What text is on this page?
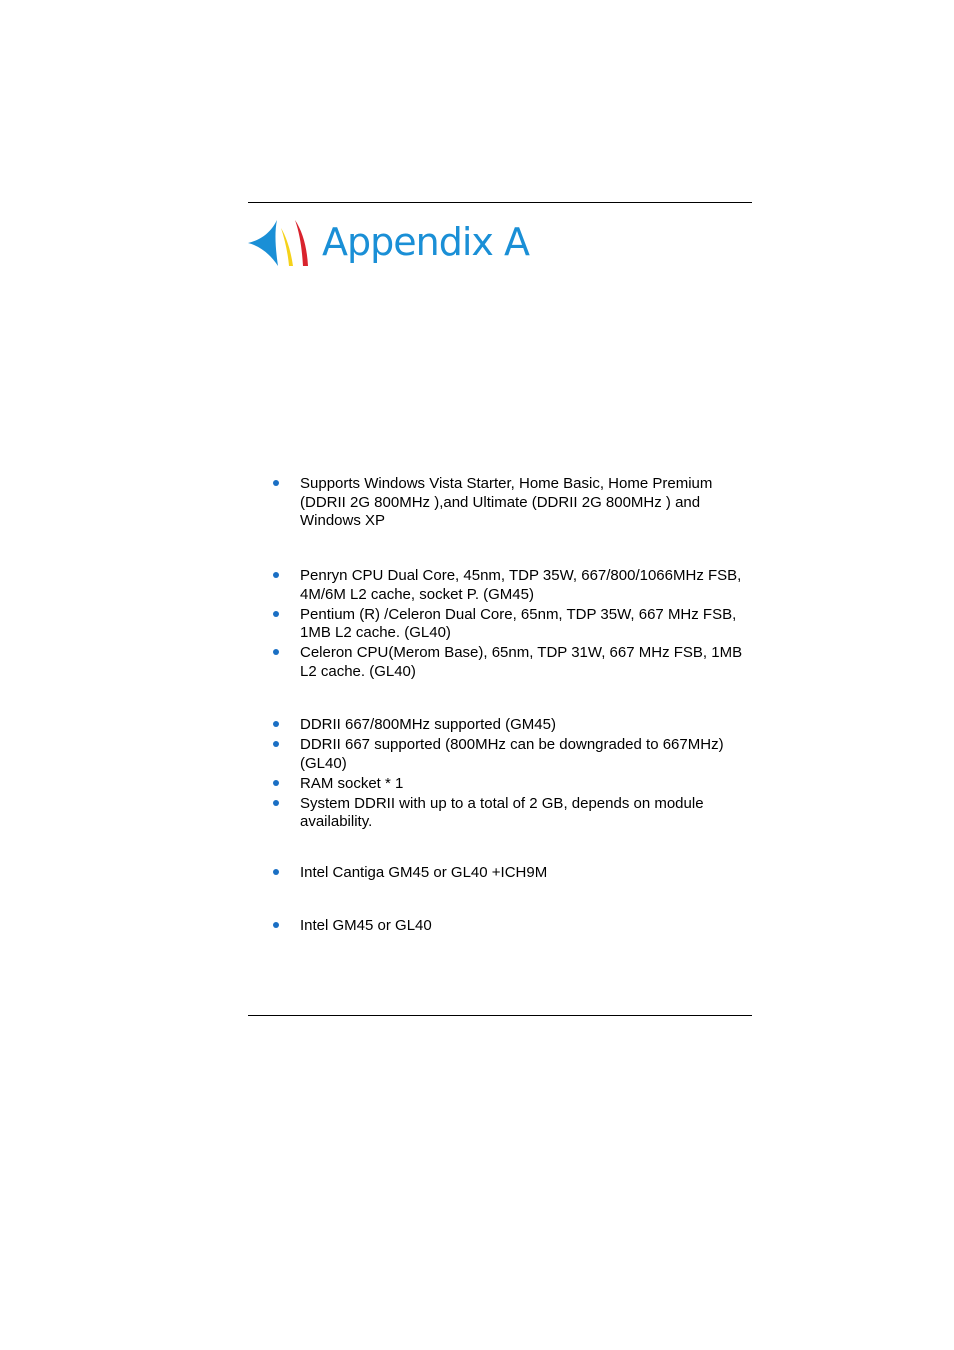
Appendix A
Supports Windows Vista Starter, Home Basic, Home Premium (DDRII 2G 800MHz ),and Ultimate (DDRII 2G 800MHz ) and Windows XP
Penryn CPU Dual Core, 45nm, TDP 35W, 667/800/1066MHz FSB, 4M/6M L2 cache, socket P. (GM45)
Pentium (R) /Celeron Dual Core, 65nm, TDP 35W, 667 MHz FSB, 1MB L2 cache. (GL40)
Celeron CPU(Merom Base), 65nm, TDP 31W, 667 MHz FSB, 1MB L2 cache. (GL40)
DDRII 667/800MHz supported (GM45)
DDRII 667 supported (800MHz can be downgraded to 667MHz)(GL40)
RAM socket * 1
System DDRII with up to a total of 2 GB, depends on module availability.
Intel Cantiga GM45 or GL40 +ICH9M
Intel GM45 or GL40
